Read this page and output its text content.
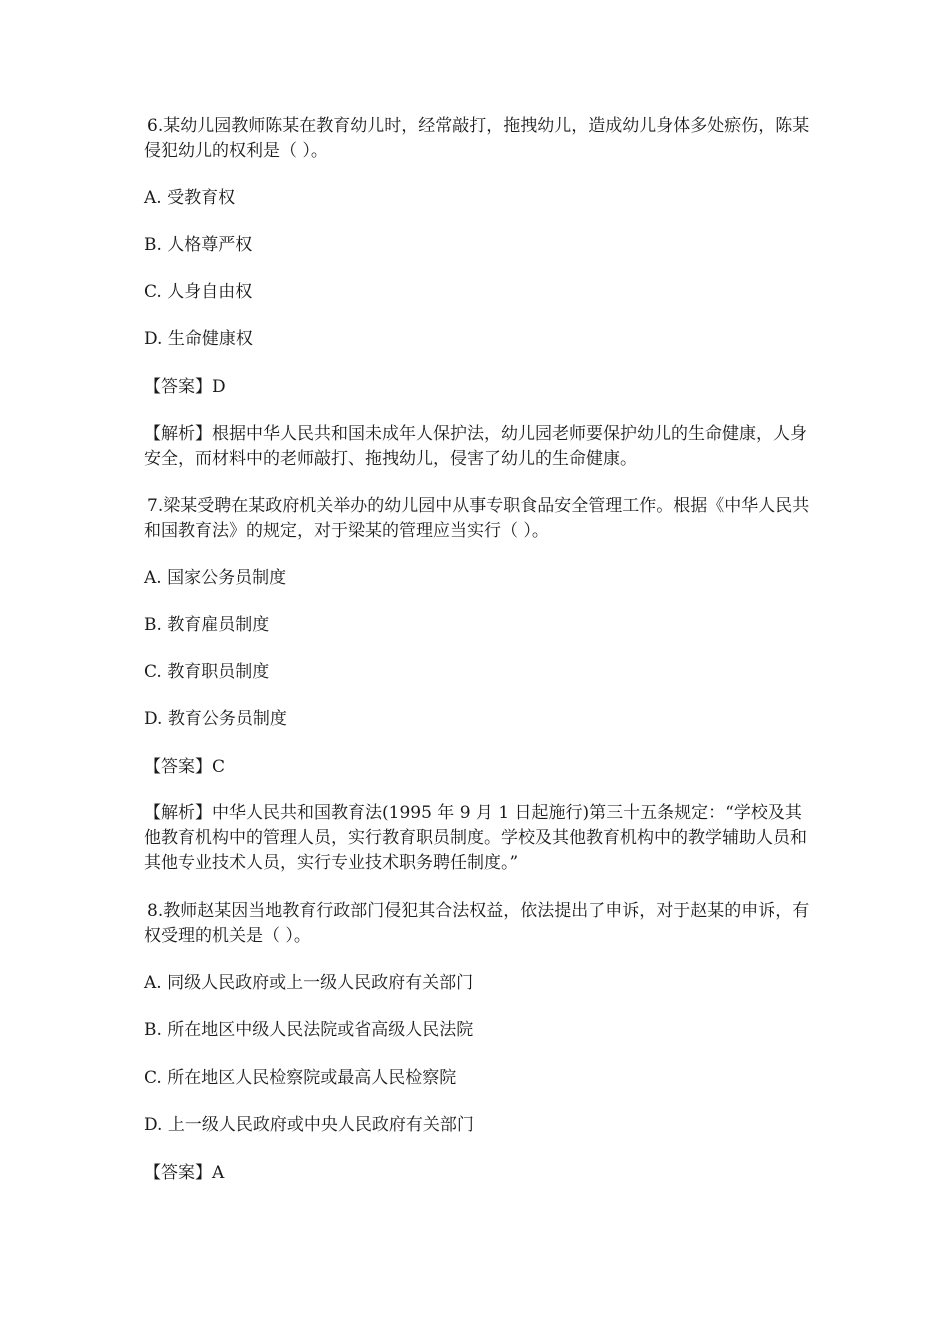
6.某幼儿园教师陈某在教育幼儿时，经常敲打，拖拽幼儿，造成幼儿身体多处瘀伤，陈某侵犯幼儿的权利是（ ）。
A. 受教育权
B. 人格尊严权
C. 人身自由权
D. 生命健康权
【答案】D
【解析】根据中华人民共和国未成年人保护法，幼儿园老师要保护幼儿的生命健康，人身安全，而材料中的老师敲打、拖拽幼儿，侵害了幼儿的生命健康。
7.梁某受聘在某政府机关举办的幼儿园中从事专职食品安全管理工作。根据《中华人民共和国教育法》的规定，对于梁某的管理应当实行（ ）。
A. 国家公务员制度
B. 教育雇员制度
C. 教育职员制度
D. 教育公务员制度
【答案】C
【解析】中华人民共和国教育法(1995 年 9 月 1 日起施行)第三十五条规定：“学校及其他教育机构中的管理人员，实行教育职员制度。学校及其他教育机构中的教学辅助人员和其他专业技术人员，实行专业技术职务聘任制度。”
8.教师赵某因当地教育行政部门侵犯其合法权益，依法提出了申诉，对于赵某的申诉，有权受理的机关是（ ）。
A. 同级人民政府或上一级人民政府有关部门
B. 所在地区中级人民法院或省高级人民法院
C. 所在地区人民检察院或最高人民检察院
D. 上一级人民政府或中央人民政府有关部门
【答案】A
